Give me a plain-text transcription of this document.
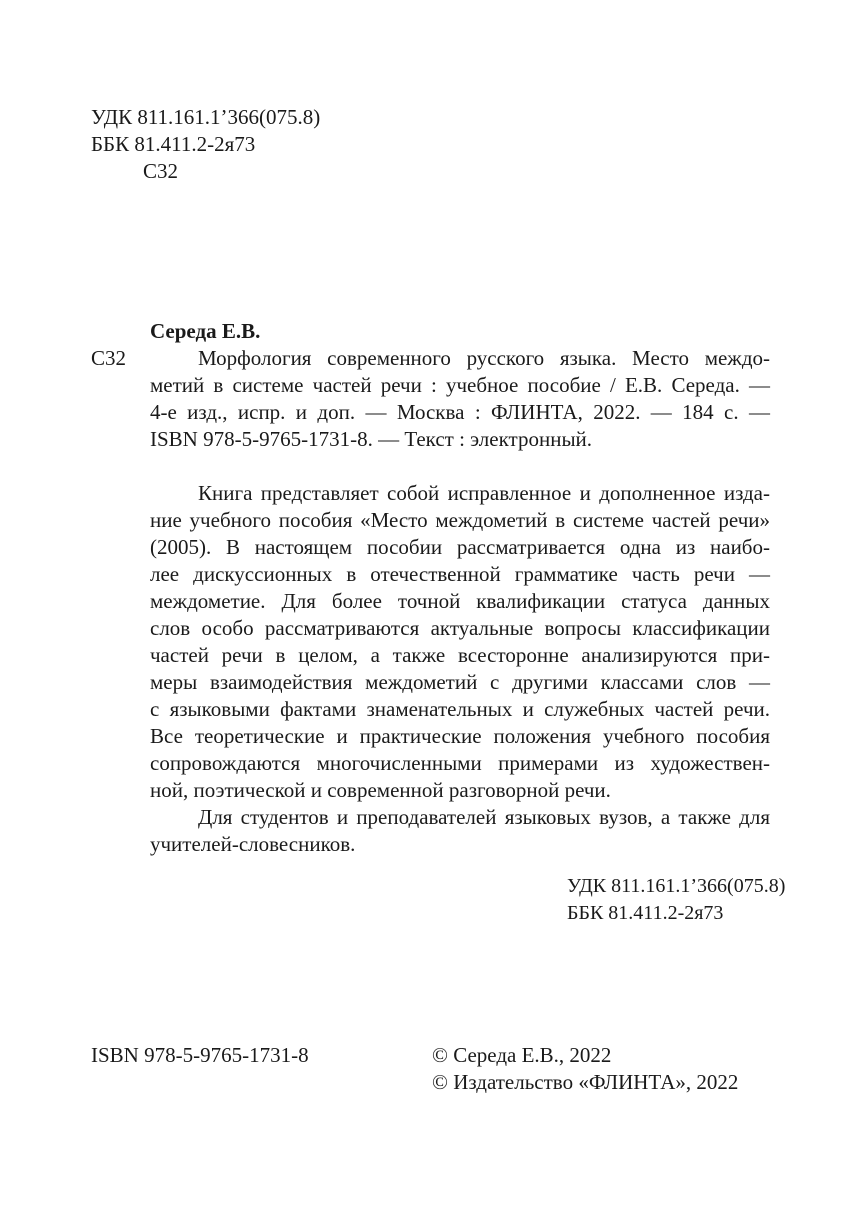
УДК 811.161.1’366(075.8)
ББК 81.411.2-2я73
С32
Середа Е.В.
С32	Морфология современного русского языка. Место междо-
метий в системе частей речи : учебное пособие / Е.В. Середа. —
4-е изд., испр. и доп. — Москва : ФЛИНТА, 2022. — 184 с. —
ISBN 978-5-9765-1731-8. — Текст : электронный.
Книга представляет собой исправленное и дополненное изда-
ние учебного пособия «Место междометий в системе частей речи»
(2005). В настоящем пособии рассматривается одна из наибо-
лее дискуссионных в отечественной грамматике часть речи —
междометие. Для более точной квалификации статуса данных
слов особо рассматриваются актуальные вопросы классификации
частей речи в целом, а также всесторонне анализируются при-
меры взаимодействия междометий с другими классами слов —
с языковыми фактами знаменательных и служебных частей речи.
Все теоретические и практические положения учебного пособия
сопровождаются многочисленными примерами из художествен-
ной, поэтической и современной разговорной речи.
Для студентов и преподавателей языковых вузов, а также для
учителей-словесников.
УДК 811.161.1’366(075.8)
ББК 81.411.2-2я73
ISBN 978-5-9765-1731-8	© Середа Е.В., 2022
© Издательство «ФЛИНТА», 2022
